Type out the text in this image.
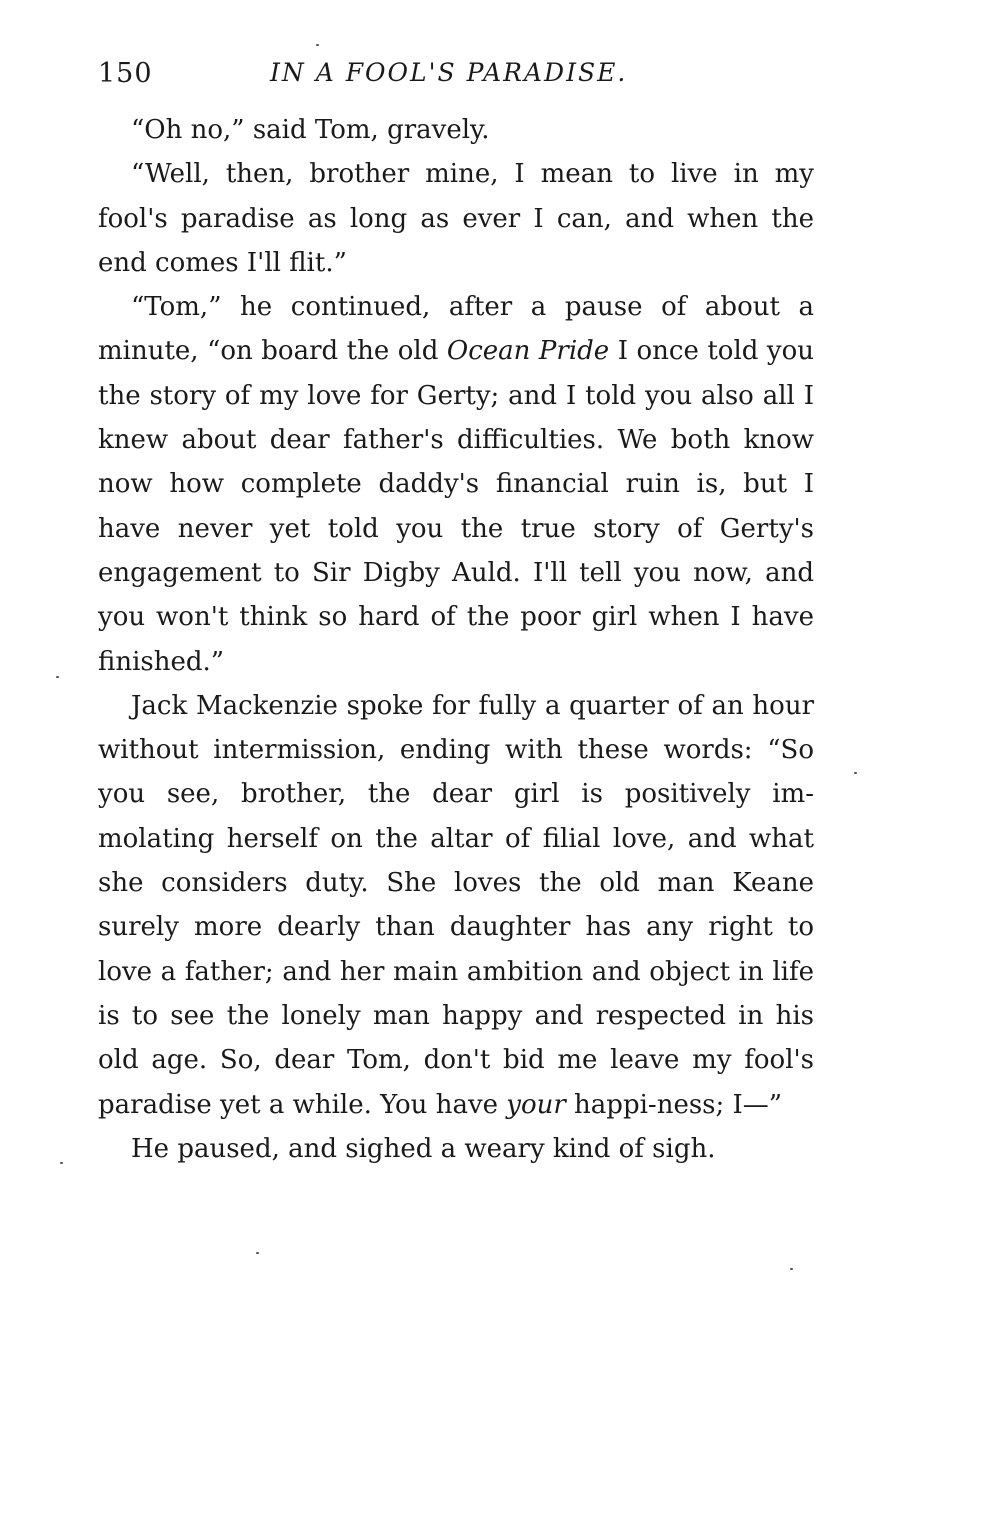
150	IN A FOOL'S PARADISE.

“Oh no,” said Tom, gravely.

“Well, then, brother mine, I mean to live in my fool's paradise as long as ever I can, and when the end comes I'll flit.”

“Tom,” he continued, after a pause of about a minute, “on board the old Ocean Pride I once told you the story of my love for Gerty; and I told you also all I knew about dear father's difficulties. We both know now how complete daddy's financial ruin is, but I have never yet told you the true story of Gerty's engagement to Sir Digby Auld. I'll tell you now, and you won't think so hard of the poor girl when I have finished.”

Jack Mackenzie spoke for fully a quarter of an hour without intermission, ending with these words: “So you see, brother, the dear girl is positively im-molating herself on the altar of filial love, and what she considers duty. She loves the old man Keane surely more dearly than daughter has any right to love a father; and her main ambition and object in life is to see the lonely man happy and respected in his old age. So, dear Tom, don't bid me leave my fool's paradise yet a while. You have your happi-ness; I—”

He paused, and sighed a weary kind of sigh.
